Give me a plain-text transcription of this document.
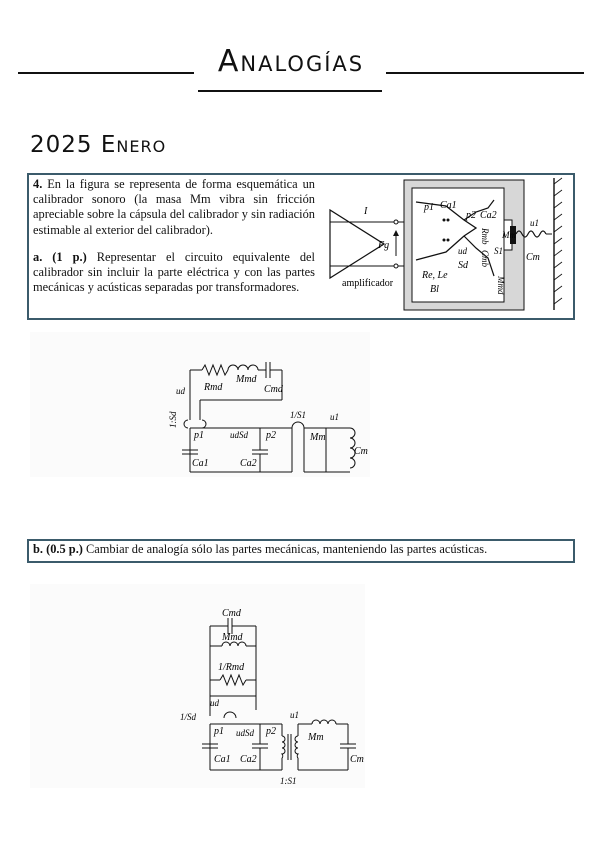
Analogías
2025 Enero
4. En la figura se representa de forma esquemática un calibrador sonoro (la masa Mm vibra sin fricción apreciable sobre la cápsula del calibrador y sin radiación estimable al exterior del calibrador).
a. (1 p.) Representar el circuito equivalente del calibrador sin incluir la parte eléctrica y con las partes mecánicas y acústicas separadas por transformadores.
I
Fg
amplificador
p1 Ca1
p2 Ca2
ud
Sd
Rmb Mm
Cmb S1
Mmd
Re, Le
Bl
u1
Cm
Rmd
Mmd
Cmd
ud
1:Sd
p1	udSd p2
Ca1	Ca2
1/S1	u1
Mm
Cm
b. (0.5 p.) Cambiar de analogía sólo las partes mecánicas, manteniendo las partes acústicas.
Cmd
Mmd
1/Rmd
ud
1/Sd
p1 udSd p2
Ca1 Ca2
1:S1
u1
Mm
Cm
